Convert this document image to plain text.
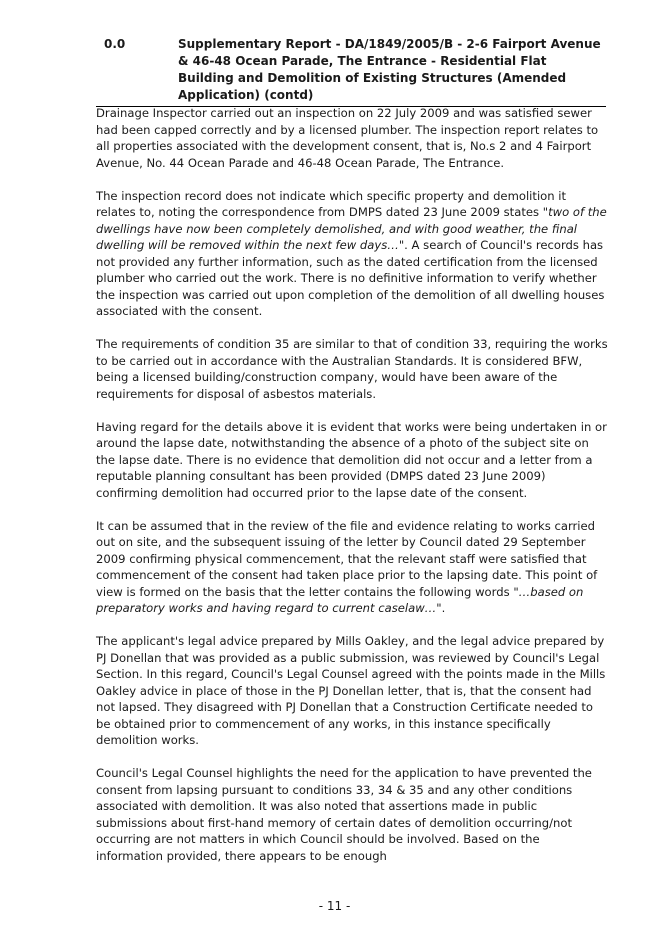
0.0	Supplementary Report - DA/1849/2005/B - 2-6 Fairport Avenue & 46-48 Ocean Parade, The Entrance - Residential Flat Building and Demolition of Existing Structures (Amended Application) (contd)

Drainage Inspector carried out an inspection on 22 July 2009 and was satisfied sewer had been capped correctly and by a licensed plumber. The inspection report relates to all properties associated with the development consent, that is, No.s 2 and 4 Fairport Avenue, No. 44 Ocean Parade and 46-48 Ocean Parade, The Entrance.

The inspection record does not indicate which specific property and demolition it relates to, noting the correspondence from DMPS dated 23 June 2009 states "two of the dwellings have now been completely demolished, and with good weather, the final dwelling will be removed within the next few days…". A search of Council's records has not provided any further information, such as the dated certification from the licensed plumber who carried out the work. There is no definitive information to verify whether the inspection was carried out upon completion of the demolition of all dwelling houses associated with the consent.

The requirements of condition 35 are similar to that of condition 33, requiring the works to be carried out in accordance with the Australian Standards. It is considered BFW, being a licensed building/construction company, would have been aware of the requirements for disposal of asbestos materials.

Having regard for the details above it is evident that works were being undertaken in or around the lapse date, notwithstanding the absence of a photo of the subject site on the lapse date. There is no evidence that demolition did not occur and a letter from a reputable planning consultant has been provided (DMPS dated 23 June 2009) confirming demolition had occurred prior to the lapse date of the consent.

It can be assumed that in the review of the file and evidence relating to works carried out on site, and the subsequent issuing of the letter by Council dated 29 September 2009 confirming physical commencement, that the relevant staff were satisfied that commencement of the consent had taken place prior to the lapsing date. This point of view is formed on the basis that the letter contains the following words "…based on preparatory works and having regard to current caselaw…".

The applicant's legal advice prepared by Mills Oakley, and the legal advice prepared by PJ Donellan that was provided as a public submission, was reviewed by Council's Legal Section. In this regard, Council's Legal Counsel agreed with the points made in the Mills Oakley advice in place of those in the PJ Donellan letter, that is, that the consent had not lapsed. They disagreed with PJ Donellan that a Construction Certificate needed to be obtained prior to commencement of any works, in this instance specifically demolition works.

Council's Legal Counsel highlights the need for the application to have prevented the consent from lapsing pursuant to conditions 33, 34 & 35 and any other conditions associated with demolition. It was also noted that assertions made in public submissions about first-hand memory of certain dates of demolition occurring/not occurring are not matters in which Council should be involved. Based on the information provided, there appears to be enough

- 11 -
